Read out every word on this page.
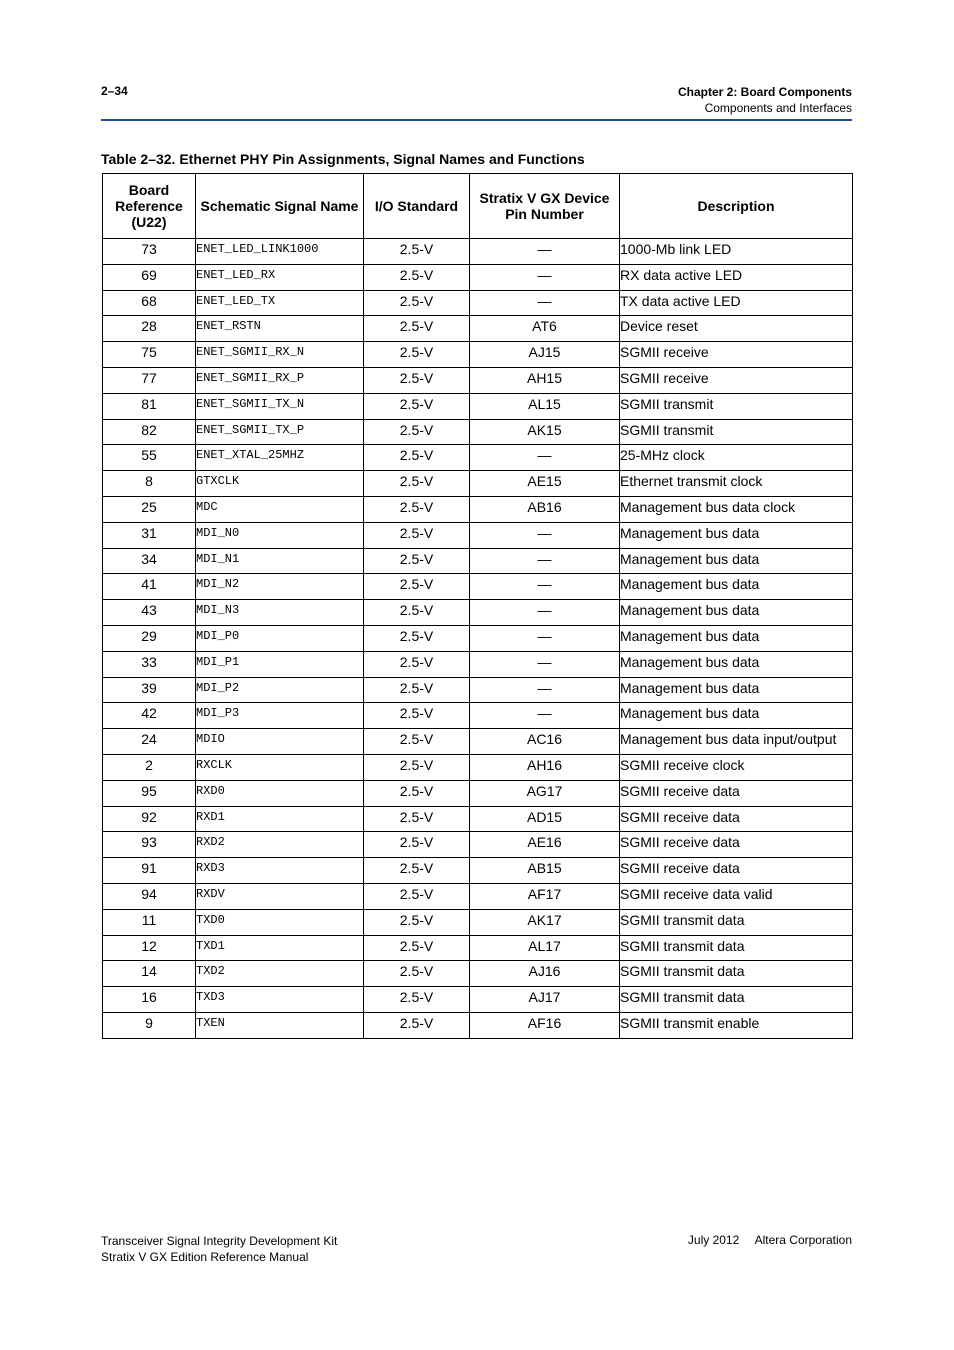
2–34	Chapter 2: Board Components
Components and Interfaces
Table 2–32. Ethernet PHY Pin Assignments, Signal Names and Functions
Board Reference (U22)	Schematic Signal Name	I/O Standard	Stratix V GX Device Pin Number	Description
73	ENET_LED_LINK1000	2.5-V	—	1000-Mb link LED
69	ENET_LED_RX	2.5-V	—	RX data active LED
68	ENET_LED_TX	2.5-V	—	TX data active LED
28	ENET_RSTN	2.5-V	AT6	Device reset
75	ENET_SGMII_RX_N	2.5-V	AJ15	SGMII receive
77	ENET_SGMII_RX_P	2.5-V	AH15	SGMII receive
81	ENET_SGMII_TX_N	2.5-V	AL15	SGMII transmit
82	ENET_SGMII_TX_P	2.5-V	AK15	SGMII transmit
55	ENET_XTAL_25MHZ	2.5-V	—	25-MHz clock
8	GTXCLK	2.5-V	AE15	Ethernet transmit clock
25	MDC	2.5-V	AB16	Management bus data clock
31	MDI_N0	2.5-V	—	Management bus data
34	MDI_N1	2.5-V	—	Management bus data
41	MDI_N2	2.5-V	—	Management bus data
43	MDI_N3	2.5-V	—	Management bus data
29	MDI_P0	2.5-V	—	Management bus data
33	MDI_P1	2.5-V	—	Management bus data
39	MDI_P2	2.5-V	—	Management bus data
42	MDI_P3	2.5-V	—	Management bus data
24	MDIO	2.5-V	AC16	Management bus data input/output
2	RXCLK	2.5-V	AH16	SGMII receive clock
95	RXD0	2.5-V	AG17	SGMII receive data
92	RXD1	2.5-V	AD15	SGMII receive data
93	RXD2	2.5-V	AE16	SGMII receive data
91	RXD3	2.5-V	AB15	SGMII receive data
94	RXDV	2.5-V	AF17	SGMII receive data valid
11	TXD0	2.5-V	AK17	SGMII transmit data
12	TXD1	2.5-V	AL17	SGMII transmit data
14	TXD2	2.5-V	AJ16	SGMII transmit data
16	TXD3	2.5-V	AJ17	SGMII transmit data
9	TXEN	2.5-V	AF16	SGMII transmit enable
Transceiver Signal Integrity Development Kit
Stratix V GX Edition Reference Manual
July 2012 Altera Corporation
